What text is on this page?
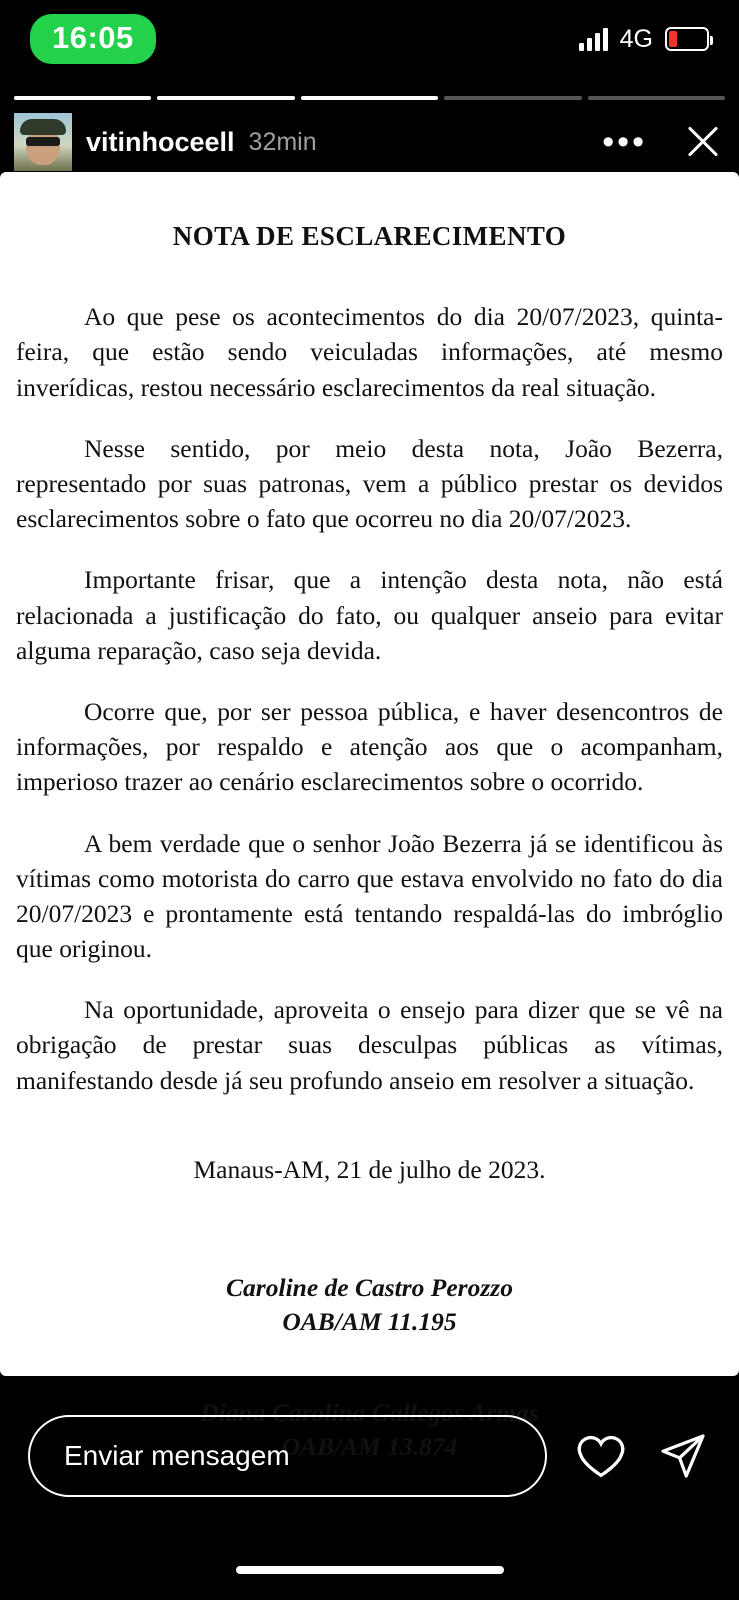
16:05	4G
vitinhoceell 32min	•••
NOTA DE ESCLARECIMENTO

Ao que pese os acontecimentos do dia 20/07/2023, quinta-feira, que estão sendo veiculadas informações, até mesmo inverídicas, restou necessário esclarecimentos da real situação.

Nesse sentido, por meio desta nota, João Bezerra, representado por suas patronas, vem a público prestar os devidos esclarecimentos sobre o fato que ocorreu no dia 20/07/2023.

Importante frisar, que a intenção desta nota, não está relacionada a justificação do fato, ou qualquer anseio para evitar alguma reparação, caso seja devida.

Ocorre que, por ser pessoa pública, e haver desencontros de informações, por respaldo e atenção aos que o acompanham, imperioso trazer ao cenário esclarecimentos sobre o ocorrido.

A bem verdade que o senhor João Bezerra já se identificou às vítimas como motorista do carro que estava envolvido no fato do dia 20/07/2023 e prontamente está tentando respaldá-las do imbróglio que originou.

Na oportunidade, aproveita o ensejo para dizer que se vê na obrigação de prestar suas desculpas públicas as vítimas, manifestando desde já seu profundo anseio em resolver a situação.

Manaus-AM, 21 de julho de 2023.

Caroline de Castro Perozzo
OAB/AM 11.195
Diana Carolina Gallegos Armas
OAB/AM 13.874
Enviar mensagem
